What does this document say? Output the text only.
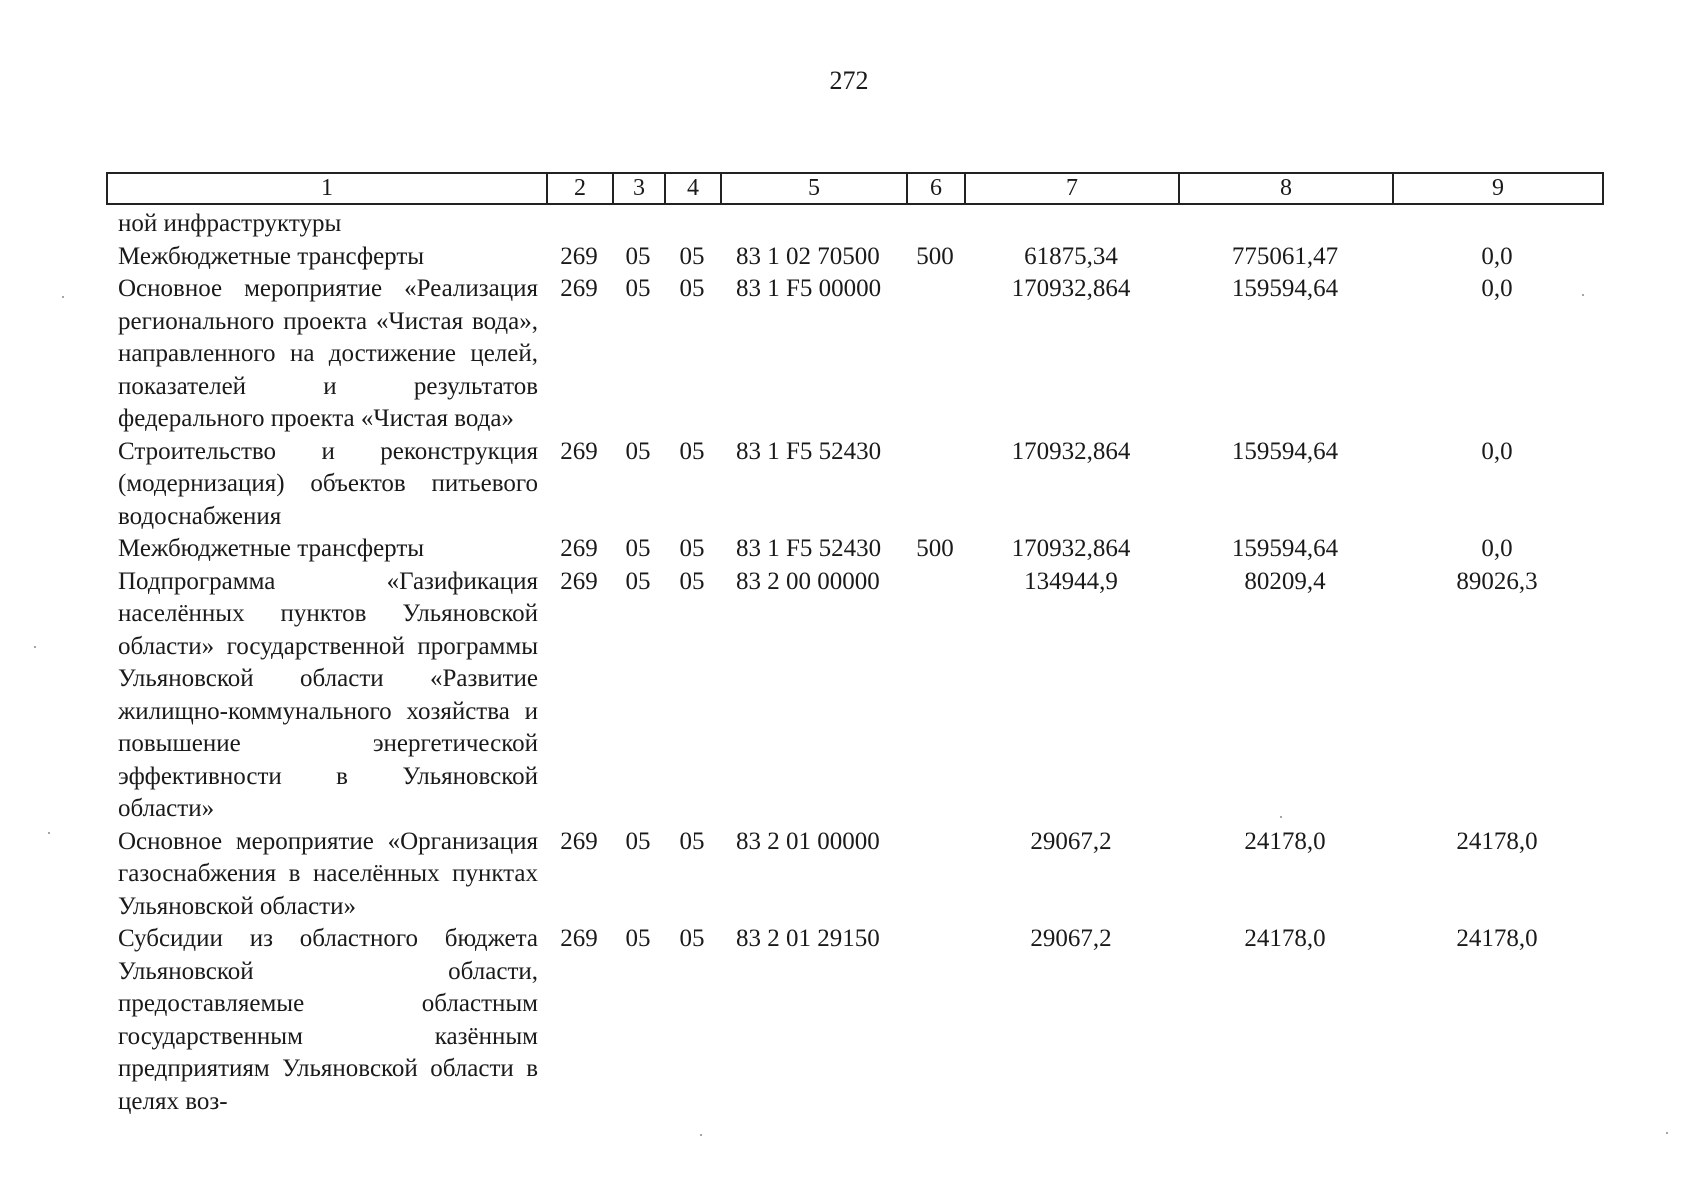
272
1	2	3	4	5	6	7	8	9
ной инфраструктуры								
Межбюджетные трансферты	269	05	05	83 1 02 70500	500	61875,34	775061,47	0,0
Основное мероприятие «Реализация регионального проекта «Чистая вода», направленного на достижение целей, показателей и результатов федерального проекта «Чистая вода»	269	05	05	83 1 F5 00000		170932,864	159594,64	0,0
Строительство и реконструкция (модернизация) объектов питьевого водоснабжения	269	05	05	83 1 F5 52430		170932,864	159594,64	0,0
Межбюджетные трансферты	269	05	05	83 1 F5 52430	500	170932,864	159594,64	0,0
Подпрограмма «Газификация населённых пунктов Ульяновской области» государственной программы Ульяновской области «Развитие жилищно-коммунального хозяйства и повышение энергетической эффективности в Ульяновской области»	269	05	05	83 2 00 00000		134944,9	80209,4	89026,3
Основное мероприятие «Организация газоснабжения в населённых пунктах Ульяновской области»	269	05	05	83 2 01 00000		29067,2	24178,0	24178,0
Субсидии из областного бюджета Ульяновской области, предоставляемые областным государственным казённым предприятиям Ульяновской области в целях воз-	269	05	05	83 2 01 29150		29067,2	24178,0	24178,0
